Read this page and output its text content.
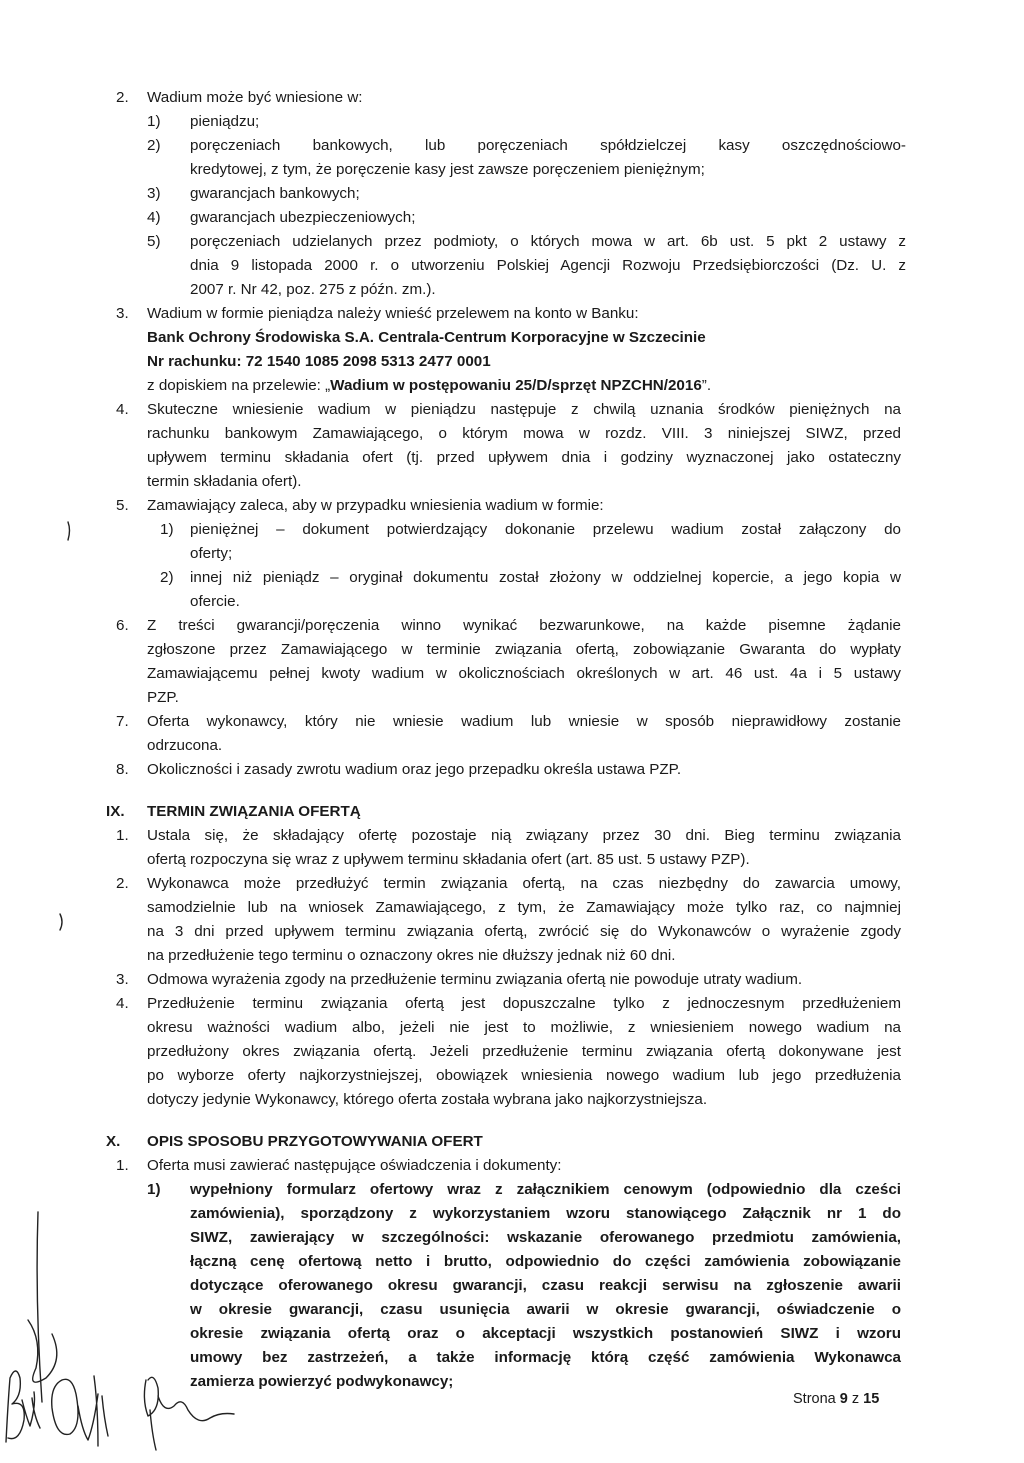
2. Wadium może być wniesione w:
1) pieniądzu;
2) poręczeniach bankowych, lub poręczeniach spółdzielczej kasy oszczędnościowo-
kredytowej, z tym, że poręczenie kasy jest zawsze poręczeniem pieniężnym;
3) gwarancjach bankowych;
4) gwarancjach ubezpieczeniowych;
5) poręczeniach udzielanych przez podmioty, o których mowa w art. 6b ust. 5 pkt 2 ustawy z
dnia 9 listopada 2000 r. o utworzeniu Polskiej Agencji Rozwoju Przedsiębiorczości (Dz. U. z
2007 r. Nr 42, poz. 275 z późn. zm.).
3. Wadium w formie pieniądza należy wnieść przelewem na konto w Banku:
Bank Ochrony Środowiska S.A. Centrala-Centrum Korporacyjne w Szczecinie
Nr rachunku: 72 1540 1085 2098 5313 2477 0001
z dopiskiem na przelewie: „Wadium w postępowaniu 25/D/sprzęt NPZCHN/2016”.
4. Skuteczne wniesienie wadium w pieniądzu następuje z chwilą uznania środków pieniężnych na
rachunku bankowym Zamawiającego, o którym mowa w rozdz. VIII. 3 niniejszej SIWZ, przed
upływem terminu składania ofert (tj. przed upływem dnia i godziny wyznaczonej jako ostateczny
termin składania ofert).
5. Zamawiający zaleca, aby w przypadku wniesienia wadium w formie:
1) pieniężnej – dokument potwierdzający dokonanie przelewu wadium został załączony do
oferty;
2) innej niż pieniądz – oryginał dokumentu został złożony w oddzielnej kopercie, a jego kopia w
ofercie.
6. Z treści gwarancji/poręczenia winno wynikać bezwarunkowe, na każde pisemne żądanie
zgłoszone przez Zamawiającego w terminie związania ofertą, zobowiązanie Gwaranta do wypłaty
Zamawiającemu pełnej kwoty wadium w okolicznościach określonych w art. 46 ust. 4a i 5 ustawy
PZP.
7. Oferta wykonawcy, który nie wniesie wadium lub wniesie w sposób nieprawidłowy zostanie
odrzucona.
8. Okoliczności i zasady zwrotu wadium oraz jego przepadku określa ustawa PZP.
IX. TERMIN ZWIĄZANIA OFERTĄ
1. Ustala się, że składający ofertę pozostaje nią związany przez 30 dni. Bieg terminu związania
ofertą rozpoczyna się wraz z upływem terminu składania ofert (art. 85 ust. 5 ustawy PZP).
2. Wykonawca może przedłużyć termin związania ofertą, na czas niezbędny do zawarcia umowy,
samodzielnie lub na wniosek Zamawiającego, z tym, że Zamawiający może tylko raz, co najmniej
na 3 dni przed upływem terminu związania ofertą, zwrócić się do Wykonawców o wyrażenie zgody
na przedłużenie tego terminu o oznaczony okres nie dłuższy jednak niż 60 dni.
3. Odmowa wyrażenia zgody na przedłużenie terminu związania ofertą nie powoduje utraty wadium.
4. Przedłużenie terminu związania ofertą jest dopuszczalne tylko z jednoczesnym przedłużeniem
okresu ważności wadium albo, jeżeli nie jest to możliwie, z wniesieniem nowego wadium na
przedłużony okres związania ofertą. Jeżeli przedłużenie terminu związania ofertą dokonywane jest
po wyborze oferty najkorzystniejszej, obowiązek wniesienia nowego wadium lub jego przedłużenia
dotyczy jedynie Wykonawcy, którego oferta została wybrana jako najkorzystniejsza.
X. OPIS SPOSOBU PRZYGOTOWYWANIA OFERT
1. Oferta musi zawierać następujące oświadczenia i dokumenty:
1) wypełniony formularz ofertowy wraz z załącznikiem cenowym (odpowiednio dla cześci
zamówienia), sporządzony z wykorzystaniem wzoru stanowiącego Załącznik nr 1 do
SIWZ, zawierający w szczególności: wskazanie oferowanego przedmiotu zamówienia,
łączną cenę ofertową netto i brutto, odpowiednio do części zamówienia zobowiązanie
dotyczące oferowanego okresu gwarancji, czasu reakcji serwisu na zgłoszenie awarii
w okresie gwarancji, czasu usunięcia awarii w okresie gwarancji, oświadczenie o
okresie związania ofertą oraz o akceptacji wszystkich postanowień SIWZ i wzoru
umowy bez zastrzeżeń, a także informację którą część zamówienia Wykonawca
zamierza powierzyć podwykonawcy;
Strona 9 z 15
